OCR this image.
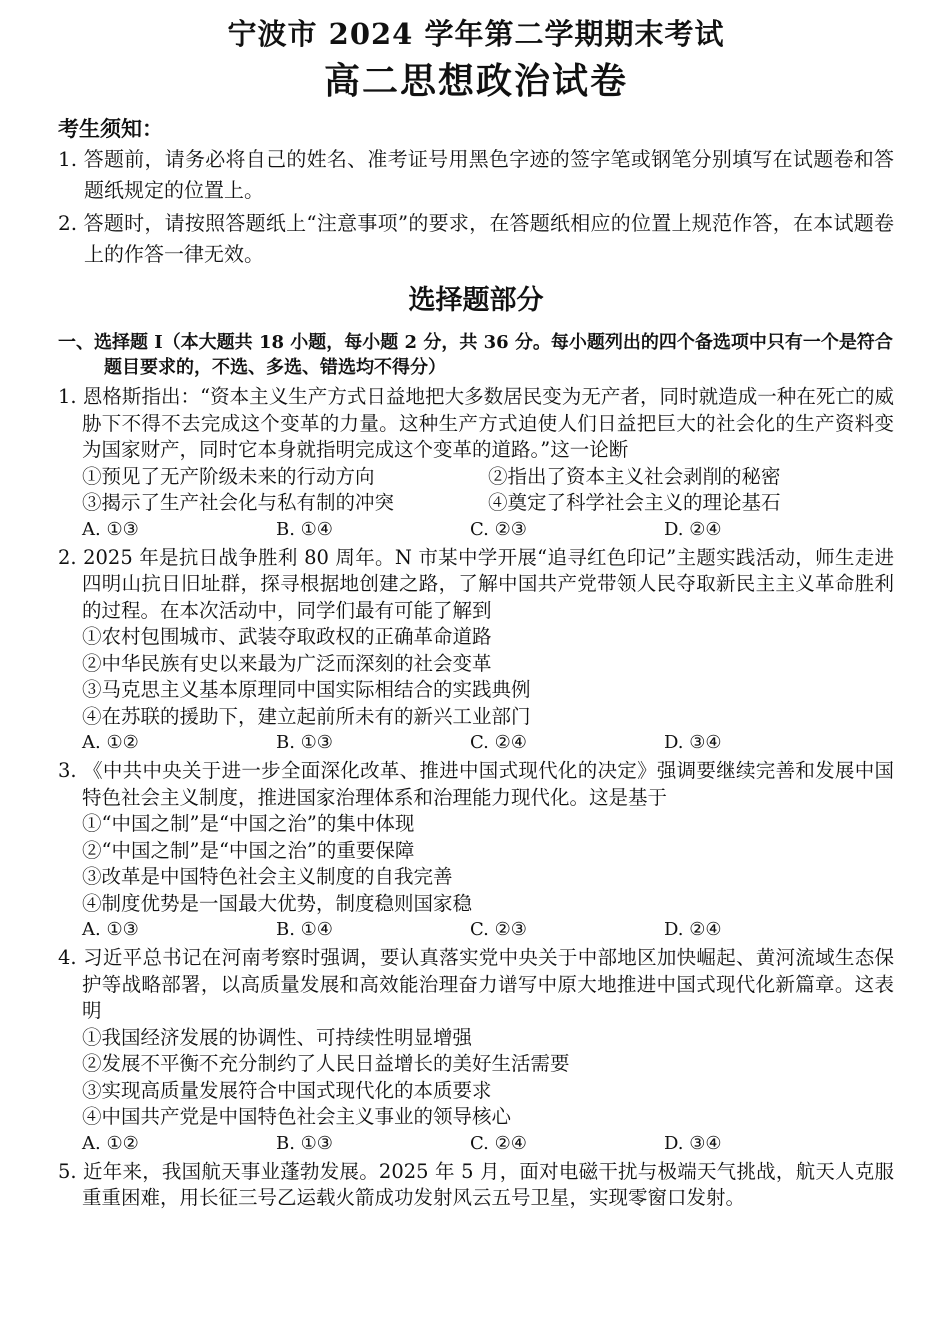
宁波市 2024 学年第二学期期末考试
高二思想政治试卷
考生须知：
1. 答题前，请务必将自己的姓名、准考证号用黑色字迹的签字笔或钢笔分别填写在试题卷和答题纸规定的位置上。
2. 答题时，请按照答题纸上“注意事项”的要求，在答题纸相应的位置上规范作答，在本试题卷上的作答一律无效。
选择题部分
一、选择题 I（本大题共 18 小题，每小题 2 分，共 36 分。每小题列出的四个备选项中只有一个是符合题目要求的，不选、多选、错选均不得分）
1. 恩格斯指出：“资本主义生产方式日益地把大多数居民变为无产者，同时就造成一种在死亡的威胁下不得不去完成这个变革的力量。这种生产方式迫使人们日益把巨大的社会化的生产资料变为国家财产，同时它本身就指明完成这个变革的道路。”这一论断
①预见了无产阶级未来的行动方向	②指出了资本主义社会剥削的秘密
③揭示了生产社会化与私有制的冲突	④奠定了科学社会主义的理论基石
A. ①③	B. ①④	C. ②③	D. ②④
2. 2025 年是抗日战争胜利 80 周年。N 市某中学开展“追寻红色印记”主题实践活动，师生走进四明山抗日旧址群，探寻根据地创建之路，了解中国共产党带领人民夺取新民主主义革命胜利的过程。在本次活动中，同学们最有可能了解到
①农村包围城市、武装夺取政权的正确革命道路
②中华民族有史以来最为广泛而深刻的社会变革
③马克思主义基本原理同中国实际相结合的实践典例
④在苏联的援助下，建立起前所未有的新兴工业部门
A. ①②	B. ①③	C. ②④	D. ③④
3. 《中共中央关于进一步全面深化改革、推进中国式现代化的决定》强调要继续完善和发展中国特色社会主义制度，推进国家治理体系和治理能力现代化。这是基于
①“中国之制”是“中国之治”的集中体现
②“中国之制”是“中国之治”的重要保障
③改革是中国特色社会主义制度的自我完善
④制度优势是一国最大优势，制度稳则国家稳
A. ①③	B. ①④	C. ②③	D. ②④
4. 习近平总书记在河南考察时强调，要认真落实党中央关于中部地区加快崛起、黄河流域生态保护等战略部署，以高质量发展和高效能治理奋力谱写中原大地推进中国式现代化新篇章。这表明
①我国经济发展的协调性、可持续性明显增强
②发展不平衡不充分制约了人民日益增长的美好生活需要
③实现高质量发展符合中国式现代化的本质要求
④中国共产党是中国特色社会主义事业的领导核心
A. ①②	B. ①③	C. ②④	D. ③④
5. 近年来，我国航天事业蓬勃发展。2025 年 5 月，面对电磁干扰与极端天气挑战，航天人克服重重困难，用长征三号乙运载火箭成功发射风云五号卫星，实现零窗口发射。
